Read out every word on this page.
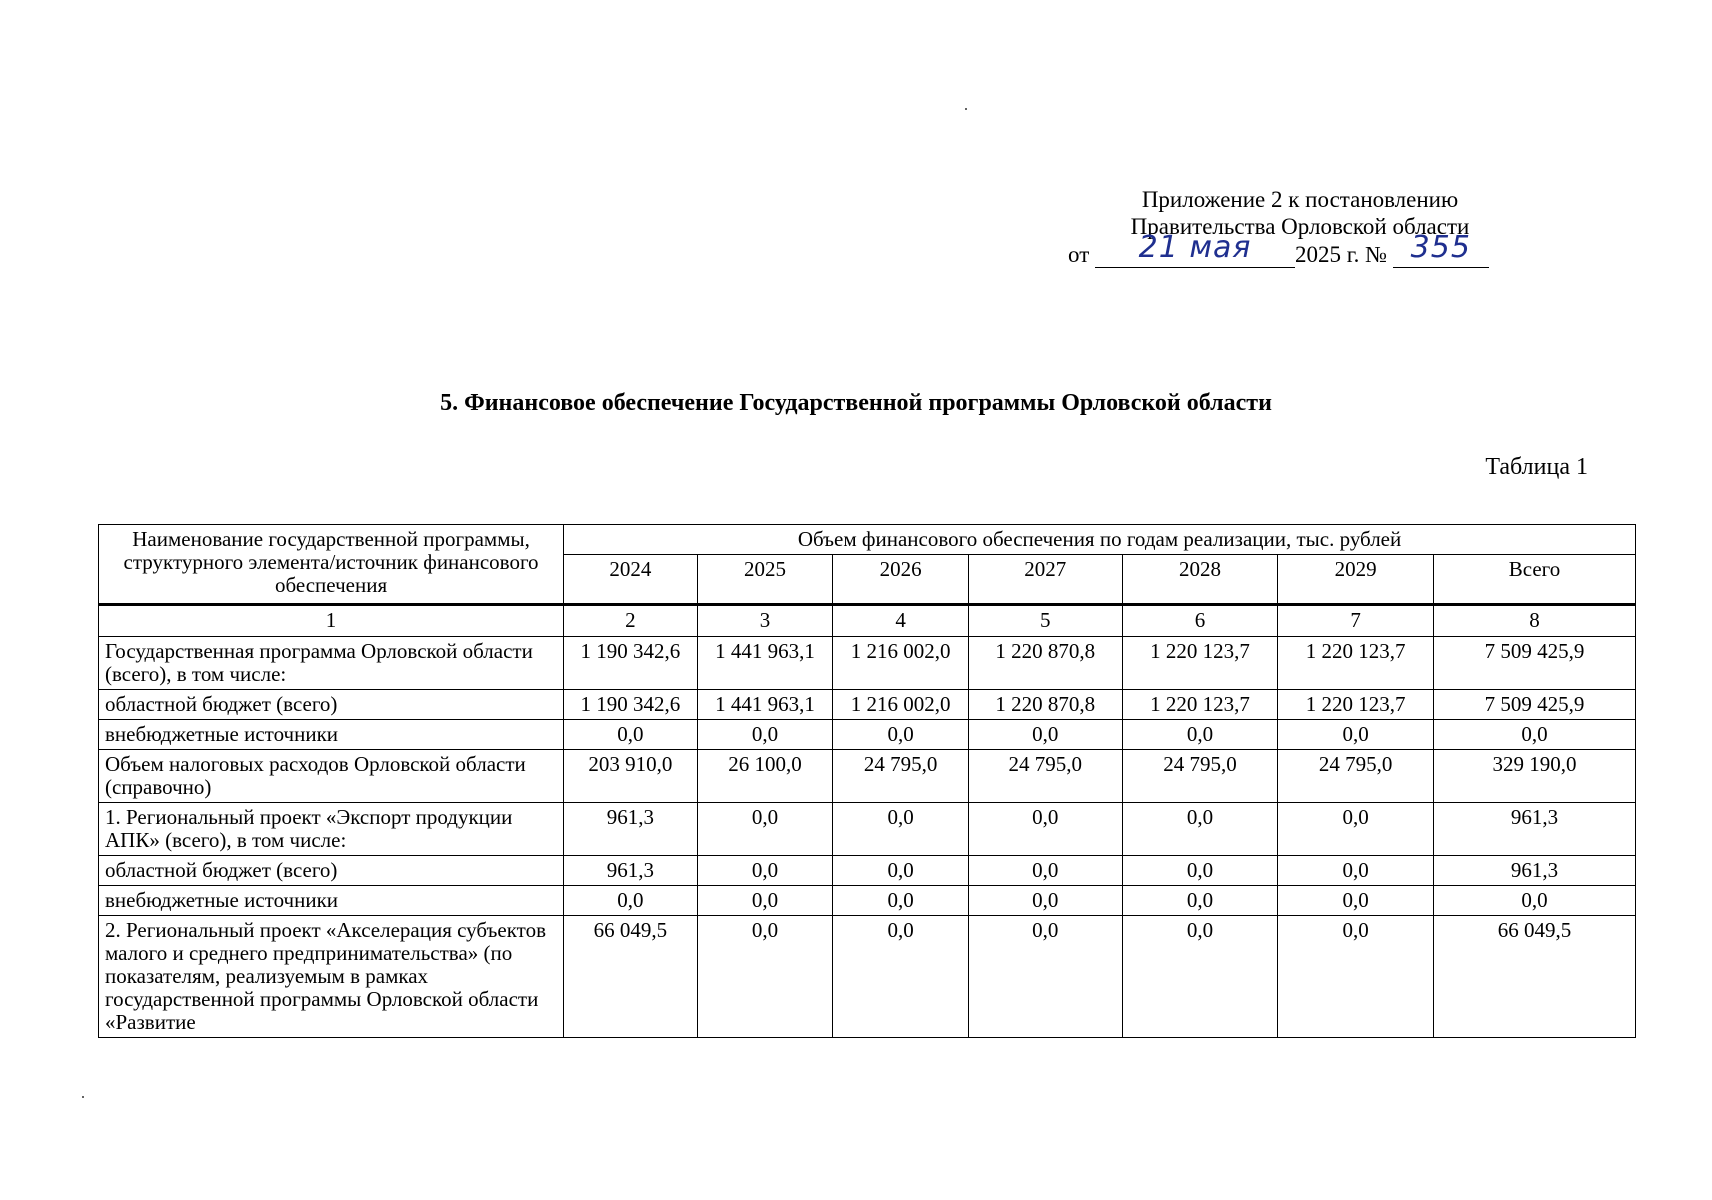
Приложение 2 к постановлению
Правительства Орловской области
от 21 мая 2025 г. № 355
5. Финансовое обеспечение Государственной программы Орловской области
Таблица 1
Наименование государственной программы, структурного элемента/источник финансового обеспечения	Объем финансового обеспечения по годам реализации, тыс. рублей						
	2024	2025	2026	2027	2028	2029	Всего

1	2	3	4	5	6	7	8
Государственная программа Орловской области (всего), в том числе:	1 190 342,6	1 441 963,1	1 216 002,0	1 220 870,8	1 220 123,7	1 220 123,7	7 509 425,9
областной бюджет (всего)	1 190 342,6	1 441 963,1	1 216 002,0	1 220 870,8	1 220 123,7	1 220 123,7	7 509 425,9
внебюджетные источники	0,0	0,0	0,0	0,0	0,0	0,0	0,0
Объем налоговых расходов Орловской области (справочно)	203 910,0	26 100,0	24 795,0	24 795,0	24 795,0	24 795,0	329 190,0
1. Региональный проект «Экспорт продукции АПК» (всего), в том числе:	961,3	0,0	0,0	0,0	0,0	0,0	961,3
областной бюджет (всего)	961,3	0,0	0,0	0,0	0,0	0,0	961,3
внебюджетные источники	0,0	0,0	0,0	0,0	0,0	0,0	0,0
2. Региональный проект «Акселерация субъектов малого и среднего предпринимательства» (по показателям, реализуемым в рамках государственной программы Орловской области «Развитие	66 049,5	0,0	0,0	0,0	0,0	0,0	66 049,5
